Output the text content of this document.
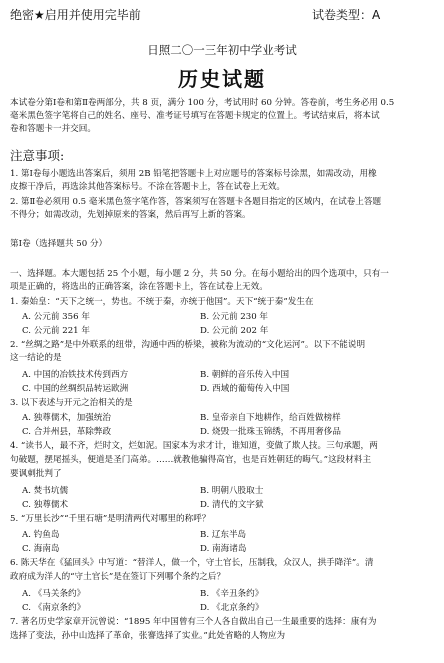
绝密★启用并使用完毕前	试卷类型：A
日照二〇一三年初中学业考试
历史试题
本试卷分第Ⅰ卷和第Ⅱ卷两部分，共 8 页，满分 100 分，考试用时 60 分钟。答卷前，考生务必用 0.5
毫米黑色签字笔将自己的姓名、座号、准考证号填写在答题卡规定的位置上。考试结束后，将本试
卷和答题卡一并交回。
注意事项:
1. 第Ⅰ卷每小题选出答案后，须用 2B 铅笔把答题卡上对应题号的答案标号涂黑，如需改动，用橡
皮擦干净后，再选涂其他答案标号。不涂在答题卡上，答在试卷上无效。
2. 第Ⅱ卷必须用 0.5 毫米黑色签字笔作答，答案须写在答题卡各题目指定的区域内，在试卷上答题
不得分；如需改动，先划掉原来的答案，然后再写上新的答案。
第Ⅰ卷（选择题共 50 分）
一、选择题。本大题包括 25 个小题，每小题 2 分，共 50 分。在每小题给出的四个选项中，只有一
项是正确的，将选出的正确答案，涂在答题卡上，答在试卷上无效。
1. 秦始皇：“天下之统一，势也。不统于秦，亦统于他国”。天下“统于秦”发生在
A. 公元前 356 年	B. 公元前 230 年
C. 公元前 221 年	D. 公元前 202 年
2. “丝绸之路”是中外联系的纽带，沟通中西的桥梁，被称为流动的“文化运河”。以下不能说明
这一结论的是
A. 中国的冶铁技术传到西方	B. 朝鲜的音乐传入中国
C. 中国的丝绸织品转运欧洲	D. 西域的葡萄传入中国
3. 以下表述与开元之治相关的是
A. 独尊儒术，加强统治	B. 皇帝亲自下地耕作，给百姓做榜样
C. 合并州县，革除弊政	D. 烧毁一批珠玉锦绣，不再用奢侈品
4. “读书人，最不齐，烂时文，烂如泥。国家本为求才计，谁知道，变做了欺人技。三句承题，两
句破题，摆尾摇头，便道是圣门高弟。……就教他骗得高官，也是百姓朝廷的晦气。”这段材料主
要讽刺批判了
A. 焚书坑儒	B. 明朝八股取士
C. 独尊儒术	D. 清代的文字狱
5. “万里长沙”“千里石塘”是明清两代对哪里的称呼？
A. 钓鱼岛	B. 辽东半岛
C. 海南岛	D. 南海诸岛
6. 陈天华在《猛回头》中写道：“替洋人，做一个，守土官长，压制我，众汉人，拱手降洋”。清
政府成为洋人的“守土官长”是在签订下列哪个条约之后？
A. 《马关条约》	B. 《辛丑条约》
C. 《南京条约》	D. 《北京条约》
7. 著名历史学家章开沅曾说：“1895 年中国曾有三个人各自做出自己一生最重要的选择：康有为
选择了变法，孙中山选择了革命，张謇选择了实业。”此处省略的人物应为
